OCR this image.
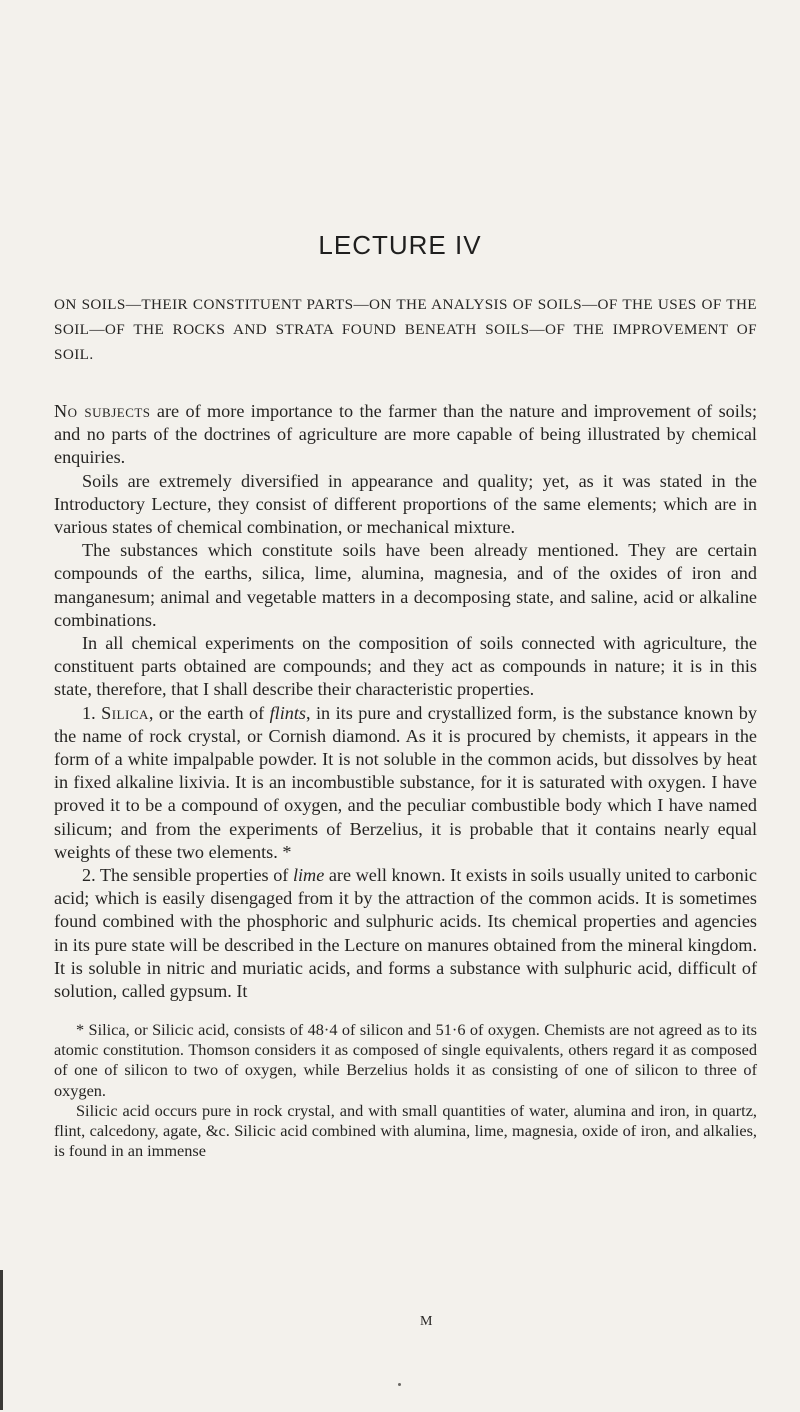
LECTURE IV

ON SOILS—THEIR CONSTITUENT PARTS—ON THE ANALYSIS OF SOILS—OF THE USES OF THE SOIL—OF THE ROCKS AND STRATA FOUND BENEATH SOILS—OF THE IMPROVEMENT OF SOIL.

No subjects are of more importance to the farmer than the nature and improvement of soils; and no parts of the doctrines of agriculture are more capable of being illustrated by chemical enquiries.

Soils are extremely diversified in appearance and quality; yet, as it was stated in the Introductory Lecture, they consist of different proportions of the same elements; which are in various states of chemical combination, or mechanical mixture.

The substances which constitute soils have been already mentioned. They are certain compounds of the earths, silica, lime, alumina, magnesia, and of the oxides of iron and manganesum; animal and vegetable matters in a decomposing state, and saline, acid or alkaline combinations.

In all chemical experiments on the composition of soils connected with agriculture, the constituent parts obtained are compounds; and they act as compounds in nature; it is in this state, therefore, that I shall describe their characteristic properties.

1. Silica, or the earth of flints, in its pure and crystallized form, is the substance known by the name of rock crystal, or Cornish diamond. As it is procured by chemists, it appears in the form of a white impalpable powder. It is not soluble in the common acids, but dissolves by heat in fixed alkaline lixivia. It is an incombustible substance, for it is saturated with oxygen. I have proved it to be a compound of oxygen, and the peculiar combustible body which I have named silicum; and from the experiments of Berzelius, it is probable that it contains nearly equal weights of these two elements. *

2. The sensible properties of lime are well known. It exists in soils usually united to carbonic acid; which is easily disengaged from it by the attraction of the common acids. It is sometimes found combined with the phosphoric and sulphuric acids. Its chemical properties and agencies in its pure state will be described in the Lecture on manures obtained from the mineral kingdom. It is soluble in nitric and muriatic acids, and forms a substance with sulphuric acid, difficult of solution, called gypsum. It

* Silica, or Silicic acid, consists of 48·4 of silicon and 51·6 of oxygen. Chemists are not agreed as to its atomic constitution. Thomson considers it as composed of single equivalents, others regard it as composed of one of silicon to two of oxygen, while Berzelius holds it as consisting of one of silicon to three of oxygen.

Silicic acid occurs pure in rock crystal, and with small quantities of water, alumina and iron, in quartz, flint, calcedony, agate, &c. Silicic acid combined with alumina, lime, magnesia, oxide of iron, and alkalies, is found in an immense

M
